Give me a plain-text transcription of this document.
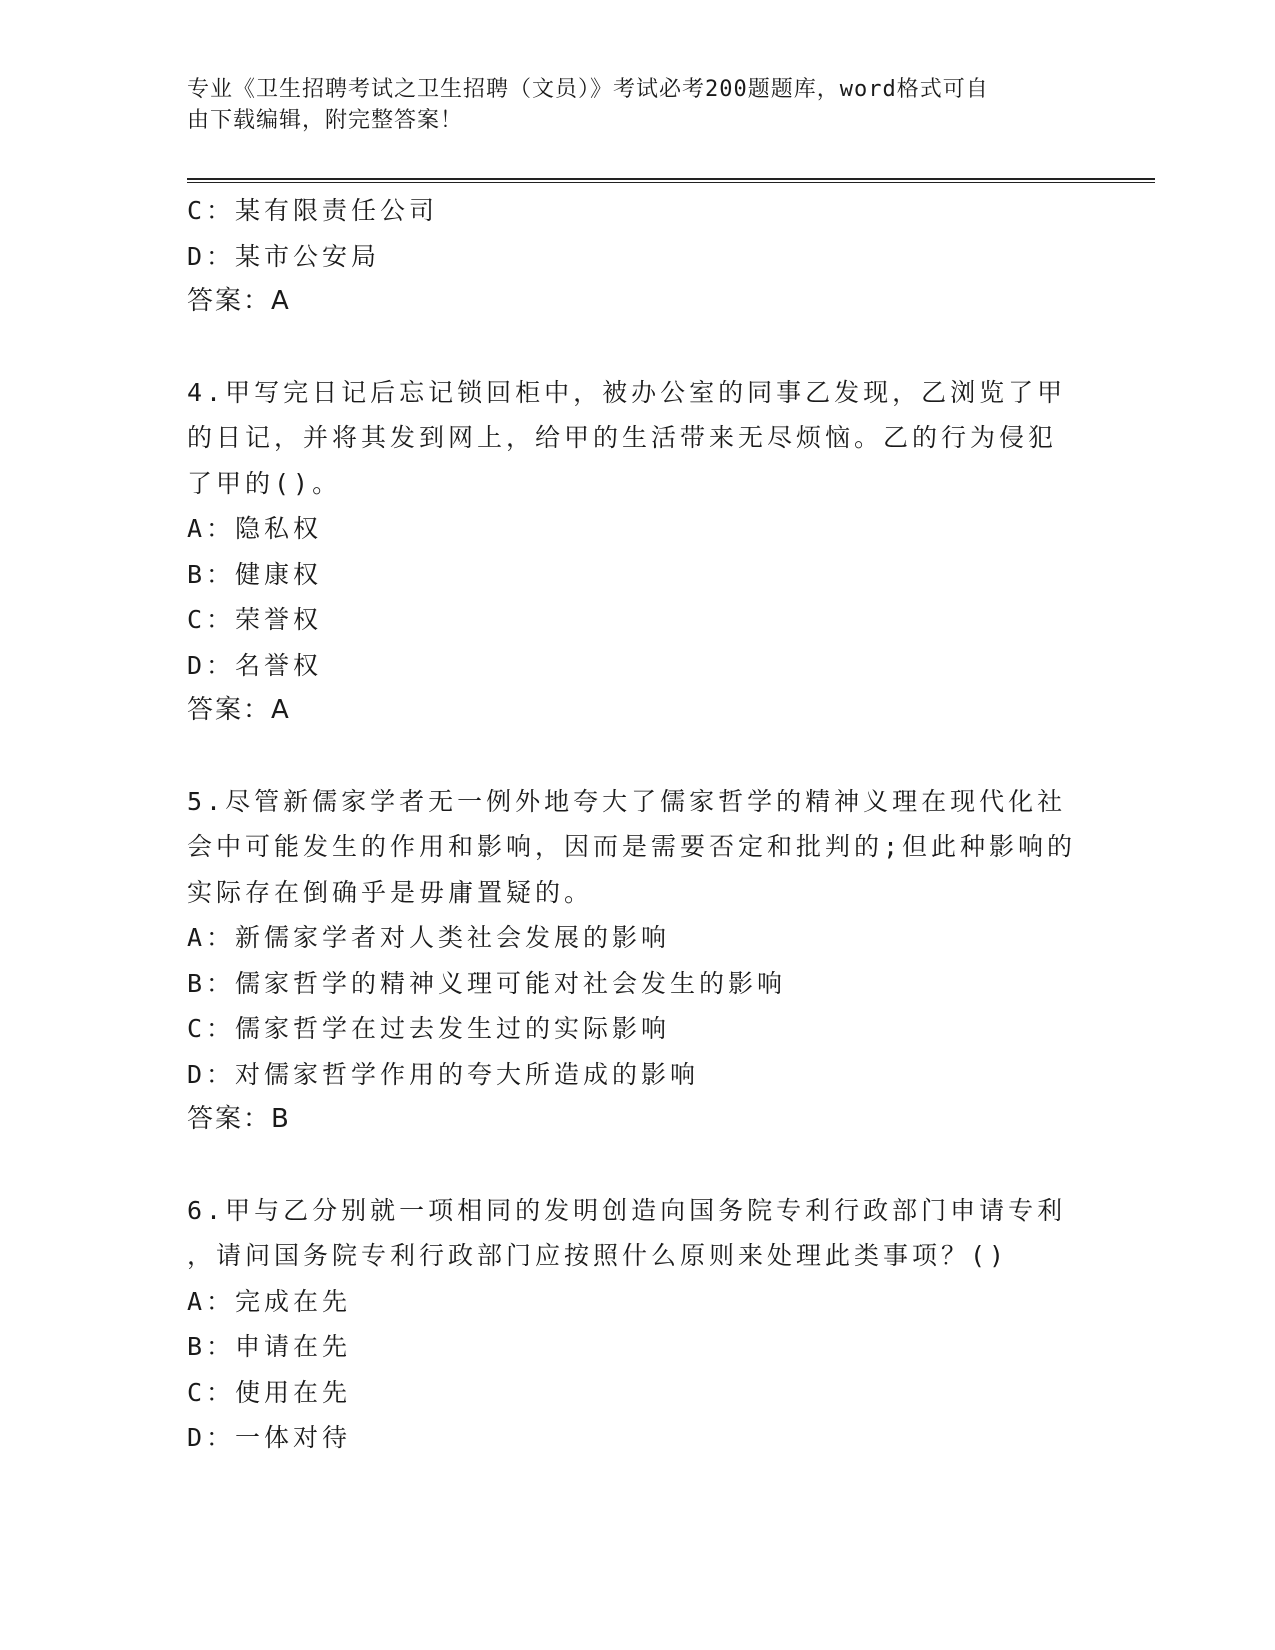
专业《卫生招聘考试之卫生招聘（文员）》考试必考200题题库，word格式可自
由下载编辑，附完整答案！
C：某有限责任公司
D：某市公安局
答案：A
4.甲写完日记后忘记锁回柜中，被办公室的同事乙发现，乙浏览了甲
的日记，并将其发到网上，给甲的生活带来无尽烦恼。乙的行为侵犯
了甲的()。
A：隐私权
B：健康权
C：荣誉权
D：名誉权
答案：A
5.尽管新儒家学者无一例外地夸大了儒家哲学的精神义理在现代化社
会中可能发生的作用和影响，因而是需要否定和批判的;但此种影响的
实际存在倒确乎是毋庸置疑的。
A：新儒家学者对人类社会发展的影响
B：儒家哲学的精神义理可能对社会发生的影响
C：儒家哲学在过去发生过的实际影响
D：对儒家哲学作用的夸大所造成的影响
答案：B
6.甲与乙分别就一项相同的发明创造向国务院专利行政部门申请专利
，请问国务院专利行政部门应按照什么原则来处理此类事项？()
A：完成在先
B：申请在先
C：使用在先
D：一体对待
